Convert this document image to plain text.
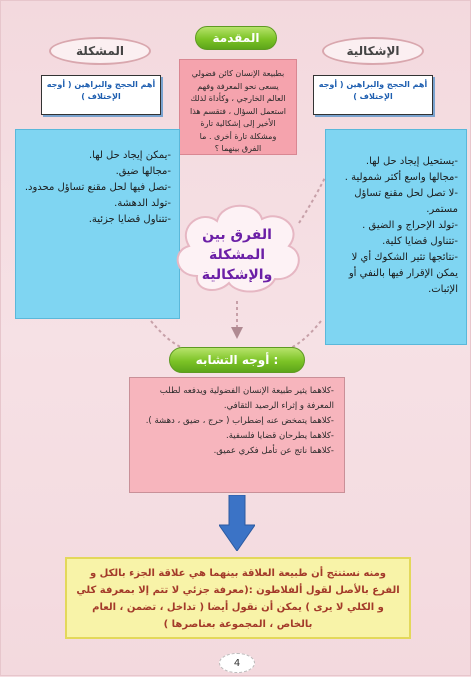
المشكلة
المقدمة
الإشكالية
أهم الحجج والبراهين ( أوجه الإختلاف )
أهم الحجج والبراهين ( أوجه الإختلاف )
بطبيعة الإنسان كائن فضولي يسعى نحو المعرفة وفهم العالم الخارجي ، وكأداة لذلك استعمل السؤال ، فتقسم هذا الأخير إلى إشكالية تارة ومشكلة تارة أخرى . ما الفرق بينهما ؟
-يمكن إيجاد حل لها.
-مجالها ضيق.
-تصل فيها لحل مقنع تساؤل محدود.
-تولد الدهشة.
-تتناول قضايا جزئية.
-يستحيل إيجاد حل لها.
-مجالها واسع أكثر شمولية .
-لا تصل لحل مقنع تساؤل مستمر.
-تولد الإحراج و الضيق .
-تتناول قضايا كلية.
-نتائجها تثير الشكوك أي لا يمكن الإقرار فيها بالنفي أو الإثبات.
الفرق بين المشكلة والإشكالية
أوجه التشابه :
-كلاهما يثير طبيعة الإنسان الفضولية ويدفعه لطلب المعرفة و إثراء الرصيد الثقافي.
-كلاهما يتمخض عنه إضطراب ( حرج ، ضيق ، دهشة ).
-كلاهما يطرحان قضايا فلسفية.
-كلاهما ناتج عن تأمل فكري عميق.
ومنه نستنتج أن طبيعة العلاقة بينهما هي علاقة الجزء بالكل و الفرع بالأصل لقول ألفلاطون :(معرفة جزئي لا تتم إلا بمعرفة كلي و الكلي لا يرى ) يمكن أن نقول أيضا ( تداخل ، تضمن ، العام بالخاص ، المجموعة بعناصرها )
4
